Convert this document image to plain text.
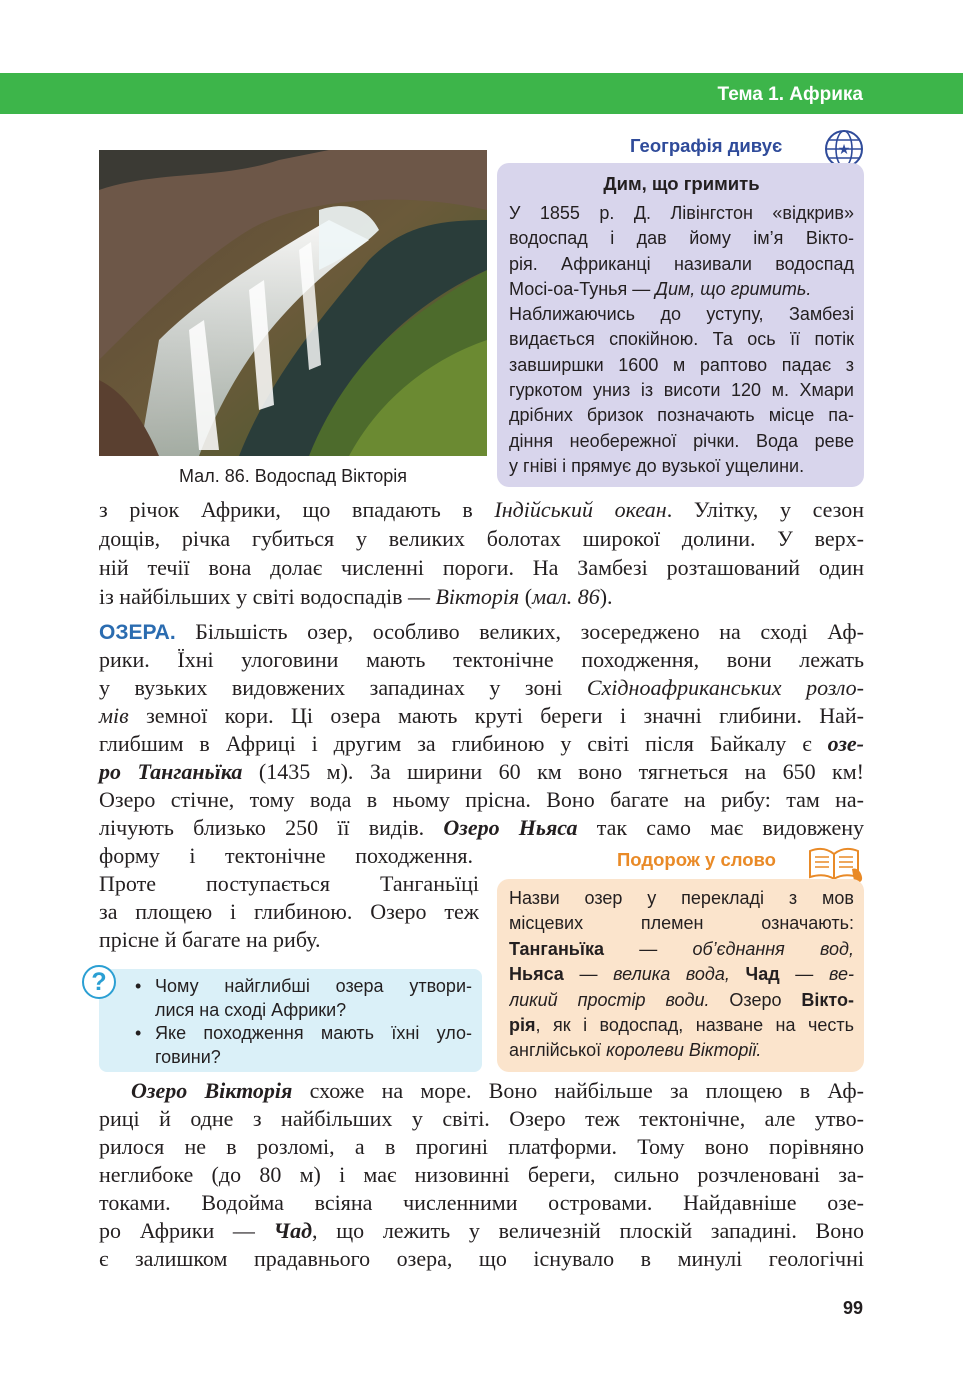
Тема 1. Африка
Мал. 86. Водоспад Вікторія
Географія дивує	★
Дим, що гримить
У 1855 р. Д. Лівінгстон «відкрив»
водоспад і дав йому ім’я Вікто-
рія. Африканці називали водоспад
Мосі-оа-Тунья — Дим, що гримить.
Наближаючись до уступу, Замбезі
видається спокійною. Та ось її потік
завширшки 1600 м раптово падає з
гуркотом униз із висоти 120 м. Хмари
дрібних бризок позначають місце па-
діння необережної річки. Вода реве
у гніві і прямує до вузької ущелини.
з річок Африки, що впадають в Індійський океан. Улітку, у сезон
дощів, річка губиться у великих болотах широкої долини. У верх-
ній течії вона долає численні пороги. На Замбезі розташований один
із найбільших у світі водоспадів — Вікторія (мал. 86).
ОЗЕРА. Більшість озер, особливо великих, зосереджено на сході Аф-
рики. Їхні улоговини мають тектонічне походження, вони лежать
у вузьких видовжених западинах у зоні Східноафриканських розло-
мів земної кори. Ці озера мають круті береги і значні глибини. Най-
глибшим в Африці і другим за глибиною у світі після Байкалу є озе-
ро Танганьїка (1435 м). За ширини 60 км воно тягнеться на 650 км!
Озеро стічне, тому вода в ньому прісна. Воно багате на рибу: там на-
лічують близько 250 її видів. Озеро Ньяса так само має видовжену
форму і тектонічне походження.
Проте поступається Танганьїці
за площею і глибиною. Озеро теж
прісне й багате на рибу.
• Чому найглибші озера утвори-
лися на сході Африки?
• Яке походження мають їхні уло-
говини?
?
Подорож у слово
Назви озер у перекладі з мов
місцевих племен означають:
Танганьїка — об’єднання вод,
Ньяса — велика вода, Чад — ве-
ликий простір води. Озеро Вікто-
рія, як і водоспад, назване на честь
англійської королеви Вікторії.
Озеро Вікторія схоже на море. Воно найбільше за площею в Аф-
риці й одне з найбільших у світі. Озеро теж тектонічне, але утво-
рилося не в розломі, а в прогині платформи. Тому воно порівняно
неглибоке (до 80 м) і має низовинні береги, сильно розчленовані за-
токами. Водойма всіяна численними островами. Найдавніше озе-
ро Африки — Чад, що лежить у величезній плоскій западині. Воно
є залишком прадавнього озера, що існувало в минулі геологічні
99
